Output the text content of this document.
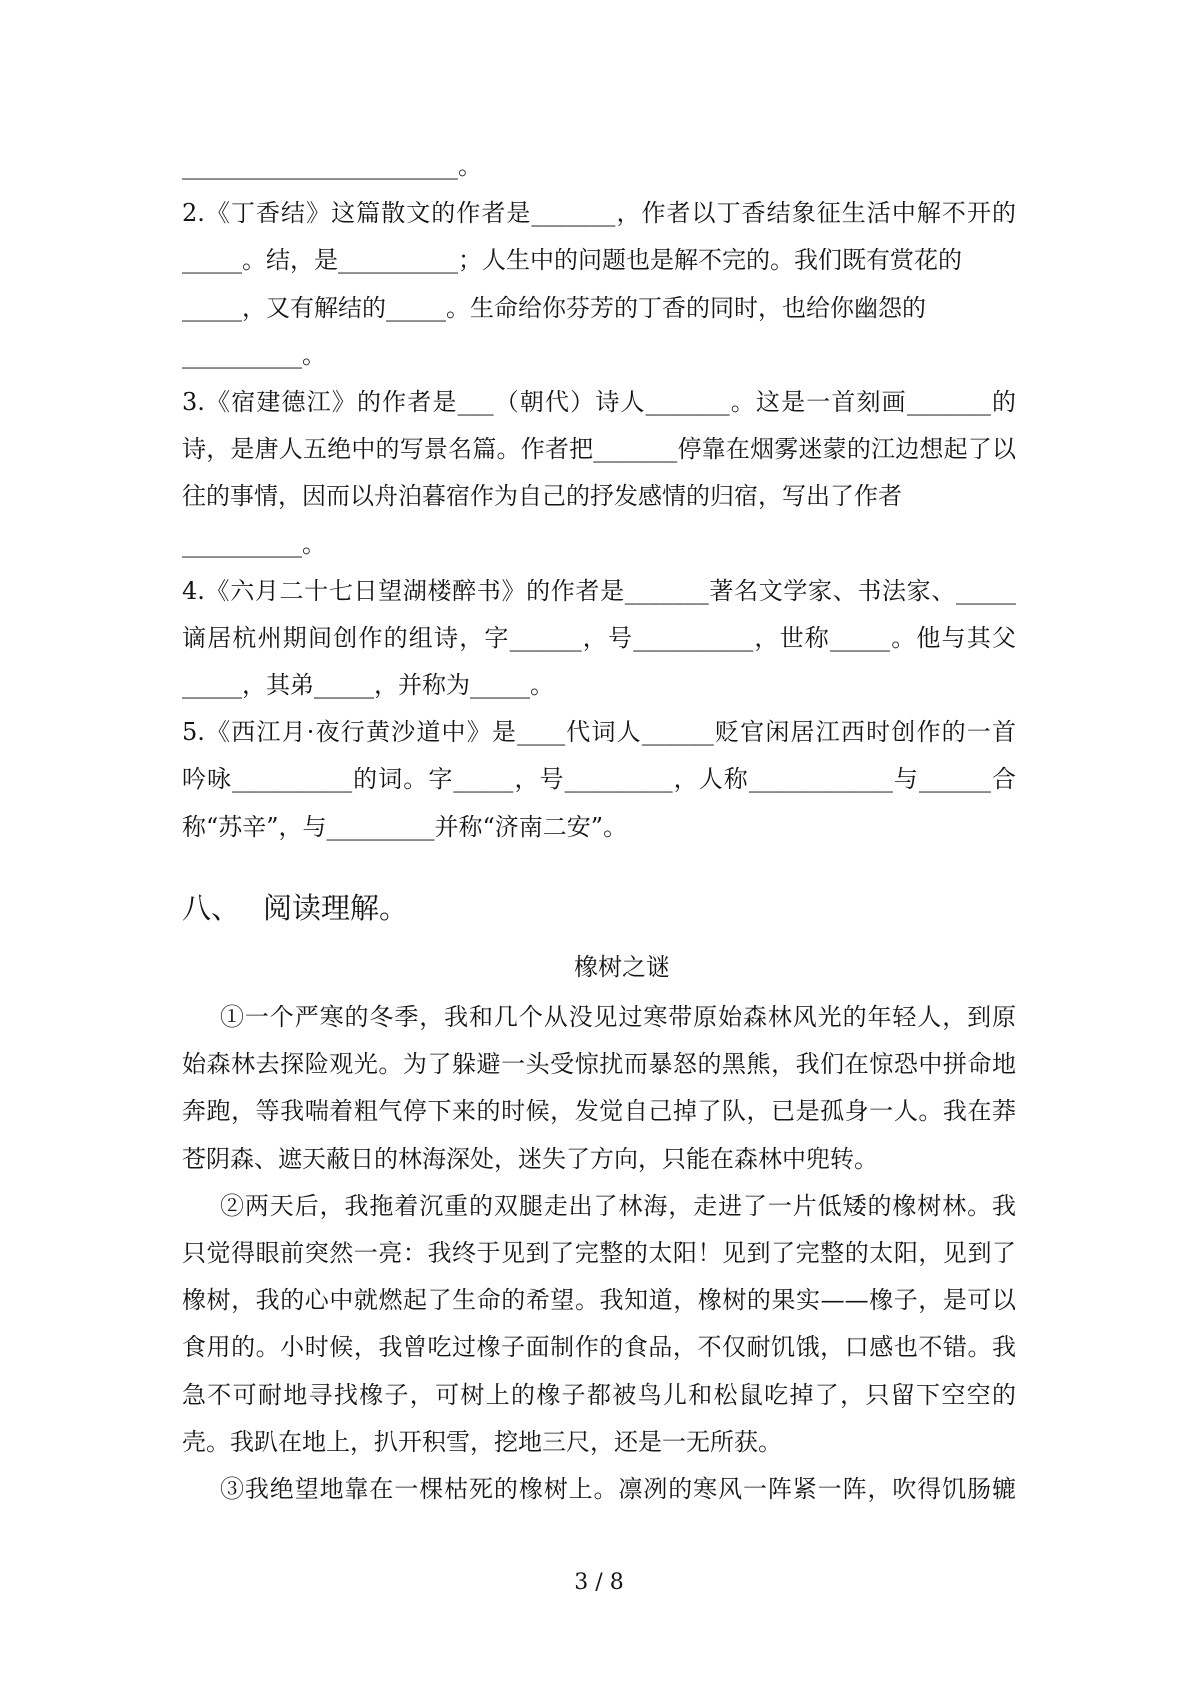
_______________________。
2.《丁香结》这篇散文的作者是_______，作者以丁香结象征生活中解不开的
_____。结，是__________；人生中的问题也是解不完的。我们既有赏花的
_____，又有解结的_____。生命给你芬芳的丁香的同时，也给你幽怨的
__________。
3.《宿建德江》的作者是___（朝代）诗人_______。这是一首刻画_______的
诗，是唐人五绝中的写景名篇。作者把_______停靠在烟雾迷蒙的江边想起了以
往的事情，因而以舟泊暮宿作为自己的抒发感情的归宿，写出了作者
__________。
4.《六月二十七日望湖楼醉书》的作者是_______著名文学家、书法家、_____
谪居杭州期间创作的组诗，字______，号__________，世称_____。他与其父
_____，其弟_____，并称为_____。
5.《西江月·夜行黄沙道中》是____代词人______贬官闲居江西时创作的一首
吟咏__________的词。字_____，号_________，人称____________与______合
称“苏辛”，与_________并称“济南二安”。
八、 阅读理解。
橡树之谜
①一个严寒的冬季，我和几个从没见过寒带原始森林风光的年轻人，到原
始森林去探险观光。为了躲避一头受惊扰而暴怒的黑熊，我们在惊恐中拼命地
奔跑，等我喘着粗气停下来的时候，发觉自己掉了队，已是孤身一人。我在莽
苍阴森、遮天蔽日的林海深处，迷失了方向，只能在森林中兜转。
②两天后，我拖着沉重的双腿走出了林海，走进了一片低矮的橡树林。我
只觉得眼前突然一亮：我终于见到了完整的太阳！见到了完整的太阳，见到了
橡树，我的心中就燃起了生命的希望。我知道，橡树的果实——橡子，是可以
食用的。小时候，我曾吃过橡子面制作的食品，不仅耐饥饿，口感也不错。我
急不可耐地寻找橡子，可树上的橡子都被鸟儿和松鼠吃掉了，只留下空空的
壳。我趴在地上，扒开积雪，挖地三尺，还是一无所获。
③我绝望地靠在一棵枯死的橡树上。凛冽的寒风一阵紧一阵，吹得饥肠辘
3 / 8
